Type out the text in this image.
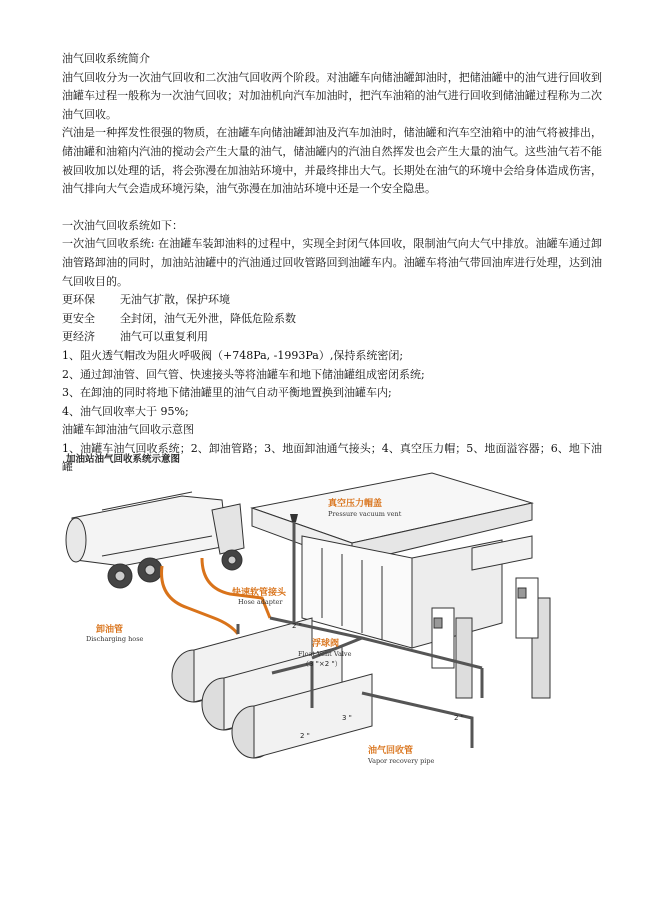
油气回收系统简介

油气回收分为一次油气回收和二次油气回收两个阶段。对油罐车向储油罐卸油时，把储油罐中的油气进行回收到油罐车过程一般称为一次油气回收；对加油机向汽车加油时，把汽车油箱的油气进行回收到储油罐过程称为二次油气回收。

汽油是一种挥发性很强的物质，在油罐车向储油罐卸油及汽车加油时，储油罐和汽车空油箱中的油气将被排出，储油罐和油箱内汽油的搅动会产生大量的油气，储油罐内的汽油自然挥发也会产生大量的油气。这些油气若不能被回收加以处理的话，将会弥漫在加油站环境中，并最终排出大气。长期处在油气的环境中会给身体造成伤害，油气排向大气会造成环境污染，油气弥漫在加油站环境中还是一个安全隐患。

一次油气回收系统如下：

一次油气回收系统: 在油罐车装卸油料的过程中，实现全封闭气体回收，限制油气向大气中排放。油罐车通过卸油管路卸油的同时，加油站油罐中的汽油通过回收管路回到油罐车内。油罐车将油气带回油库进行处理，达到油气回收目的。

更环保	无油气扩散，保护环境
更安全	全封闭，油气无外泄，降低危险系数
更经济	油气可以重复利用

1、阻火透气帽改为阻火呼吸阀（+748Pa, -1993Pa）,保持系统密闭;

2、通过卸油管、回气管、快速接头等将油罐车和地下储油罐组成密闭系统;

3、在卸油的同时将地下储油罐里的油气自动平衡地置换到油罐车内;

4、油气回收率大于 95%;

油罐车卸油油气回收示意图

1、油罐车油气回收系统；2、卸油管路；3、地面卸油通气接头；4、真空压力帽；5、地面溢容器；6、地下油罐

加油站油气回收系统示意图
真空压力帽盖
Pressure vacuum vent
快速软管接头
Hose adapter
卸油管
Discharging hose	浮球阀
Float Vent Valve
（3 "×2 "）
油气回收管
Vapor recovery pipe
2 "
2 "
3 "	2 "
